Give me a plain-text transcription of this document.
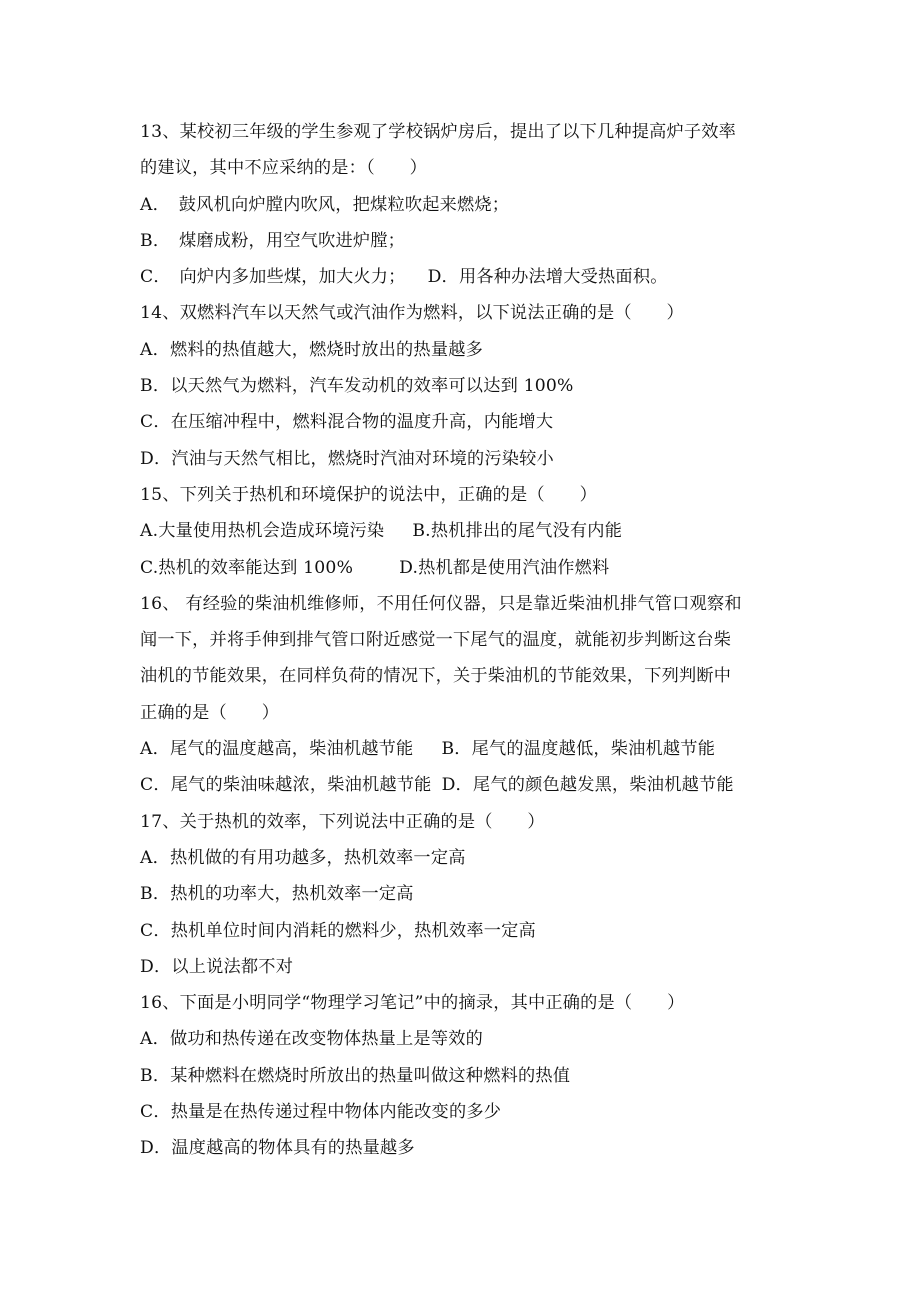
13、某校初三年级的学生参观了学校锅炉房后，提出了以下几种提高炉子效率
的建议，其中不应采纳的是：（　　）
A．　鼓风机向炉膛内吹风，把煤粒吹起来燃烧；
B．　煤磨成粉，用空气吹进炉膛；
C．　向炉内多加些煤，加大火力； D．用各种办法增大受热面积。
14、双燃料汽车以天然气或汽油作为燃料，以下说法正确的是（　　）
A．燃料的热值越大，燃烧时放出的热量越多
B．以天然气为燃料，汽车发动机的效率可以达到 100%
C．在压缩冲程中，燃料混合物的温度升高，内能增大
D．汽油与天然气相比，燃烧时汽油对环境的污染较小
15、下列关于热机和环境保护的说法中，正确的是（　　）
A.大量使用热机会造成环境污染 B.热机排出的尾气没有内能
C.热机的效率能达到 100%	D.热机都是使用汽油作燃料
16、 有经验的柴油机维修师，不用任何仪器，只是靠近柴油机排气管口观察和
闻一下，并将手伸到排气管口附近感觉一下尾气的温度，就能初步判断这台柴
油机的节能效果，在同样负荷的情况下，关于柴油机的节能效果，下列判断中
正确的是（　　）
A．尾气的温度越高，柴油机越节能 B．尾气的温度越低，柴油机越节能
C．尾气的柴油味越浓，柴油机越节能 D．尾气的颜色越发黑，柴油机越节能
17、关于热机的效率，下列说法中正确的是（　　）
A．热机做的有用功越多，热机效率一定高
B．热机的功率大，热机效率一定高
C．热机单位时间内消耗的燃料少，热机效率一定高
D．以上说法都不对
16、下面是小明同学“物理学习笔记”中的摘录，其中正确的是（　　）
A．做功和热传递在改变物体热量上是等效的
B．某种燃料在燃烧时所放出的热量叫做这种燃料的热值
C．热量是在热传递过程中物体内能改变的多少
D．温度越高的物体具有的热量越多
